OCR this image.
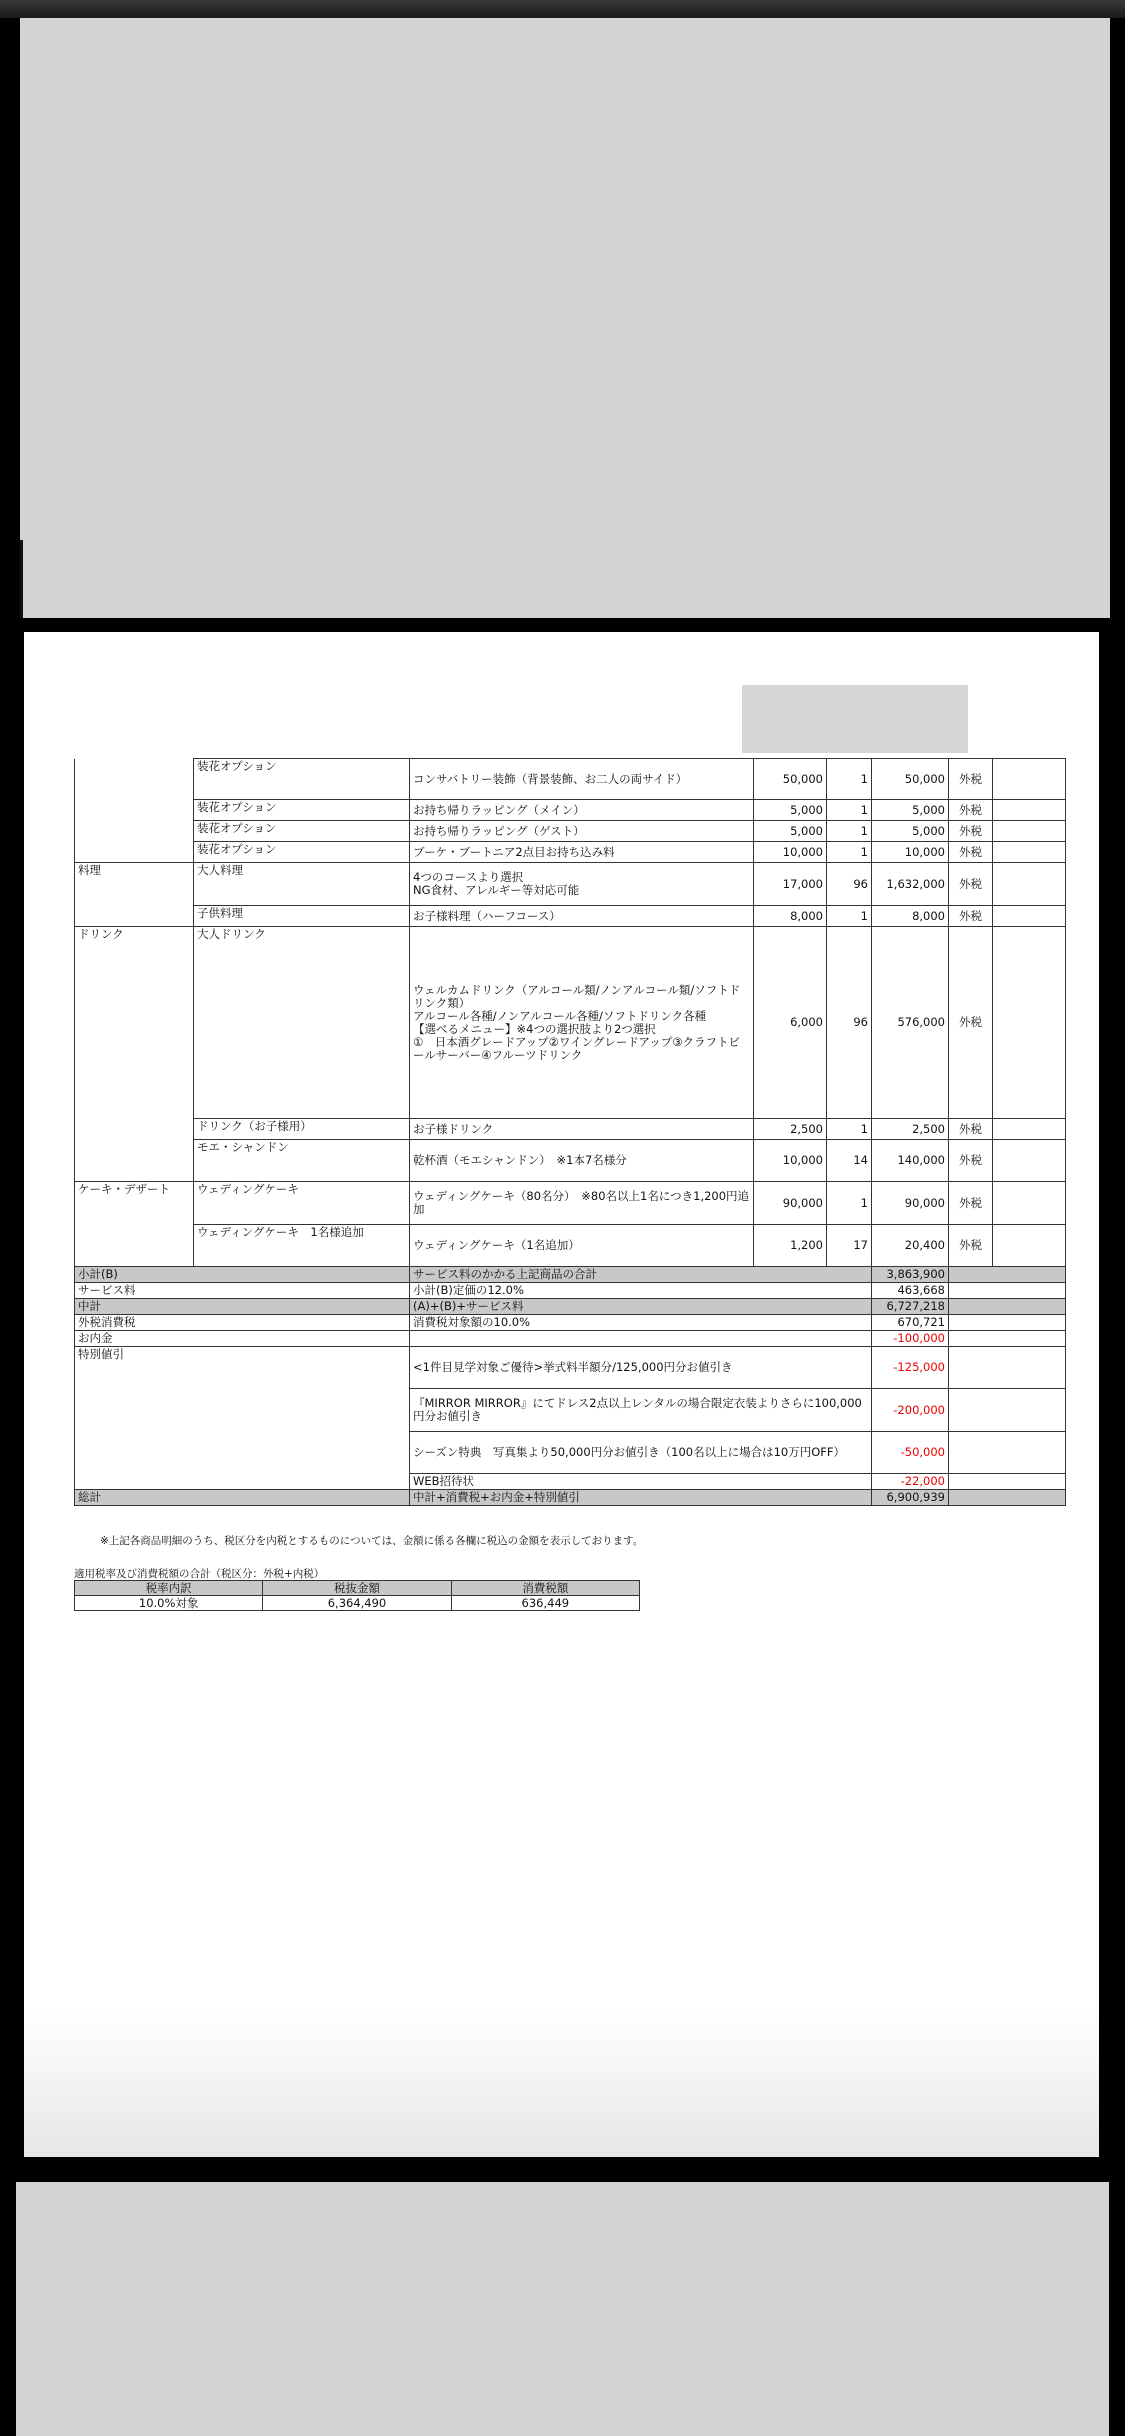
	装花オプション	コンサバトリー装飾（背景装飾、お二人の両サイド）	50,000	1	50,000	外税	
	装花オプション	お持ち帰りラッピング（メイン）	5,000	1	5,000	外税	
	装花オプション	お持ち帰りラッピング（ゲスト）	5,000	1	5,000	外税	
	装花オプション	ブーケ・ブートニア2点目お持ち込み料	10,000	1	10,000	外税	
料理	大人料理	4つのコースより選択
NG食材、アレルギー等対応可能	17,000	96	1,632,000	外税	
	子供料理	お子様料理（ハーフコース）	8,000	1	8,000	外税	
ドリンク	大人ドリンク	ウェルカムドリンク（アルコール類/ノンアルコール類/ソフトドリンク類）
アルコール各種/ノンアルコール各種/ソフトドリンク各種
【選べるメニュー】※4つの選択肢より2つ選択
①　日本酒グレードアップ②ワイングレードアップ③クラフトビールサーバー④フルーツドリンク	6,000	96	576,000	外税	
	ドリンク（お子様用）	お子様ドリンク	2,500	1	2,500	外税	
	モエ・シャンドン	乾杯酒（モエシャンドン）　※1本7名様分	10,000	14	140,000	外税	
ケーキ・デザート	ウェディングケーキ	ウェディングケーキ（80名分）　※80名以上1名につき1,200円追加	90,000	1	90,000	外税	
	ウェディングケーキ　1名様追加	ウェディングケーキ（1名追加）	1,200	17	20,400	外税	
小計(B)		サービス料のかかる上記商品の合計			3,863,900		
サービス料		小計(B)定価の12.0%			463,668		
中計		(A)+(B)+サービス料			6,727,218		
外税消費税		消費税対象額の10.0%			670,721		
お内金					-100,000		
特別値引		<1件目見学対象ご優待>挙式料半額分/125,000円分お値引き			-125,000		
		『MIRROR MIRROR』にてドレス2点以上レンタルの場合限定衣装よりさらに100,000円分お値引き			-200,000		
		シーズン特典　写真集より50,000円分お値引き（100名以上に場合は10万円OFF）			-50,000		
		WEB招待状			-22,000		
総計		中計+消費税+お内金+特別値引			6,900,939		
※上記各商品明細のうち、税区分を内税とするものについては、金額に係る各欄に税込の金額を表示しております。
適用税率及び消費税額の合計（税区分：外税+内税）
税率内訳	税抜金額	消費税額
10.0%対象	6,364,490	636,449
